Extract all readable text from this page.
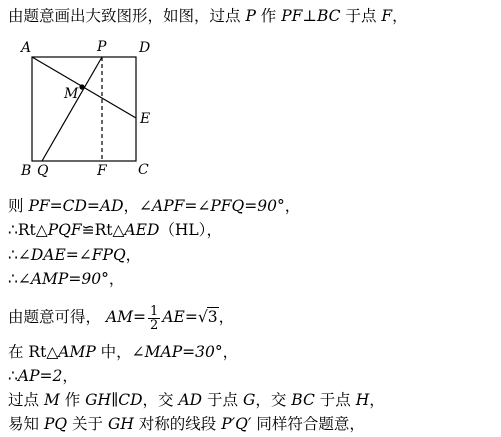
由题意画出大致图形，如图，过点 P 作 PF⊥BC 于点 F，
A	P D
M
E
B Q	F C
则 PF=CD=AD，∠APF=∠PFQ=90°，
∴Rt△PQF≌Rt△AED（HL），
∴∠DAE=∠FPQ，
∴∠AMP=90°，
由题意可得， $AM= \frac{1}{2} AE=√3$，
在 Rt△AMP 中，∠MAP=30°，
∴AP=2，
过点 M 作 GH∥CD，交 AD 于点 G，交 BC 于点 H，
易知 PQ 关于 GH 对称的线段 P′Q′ 同样符合题意，
